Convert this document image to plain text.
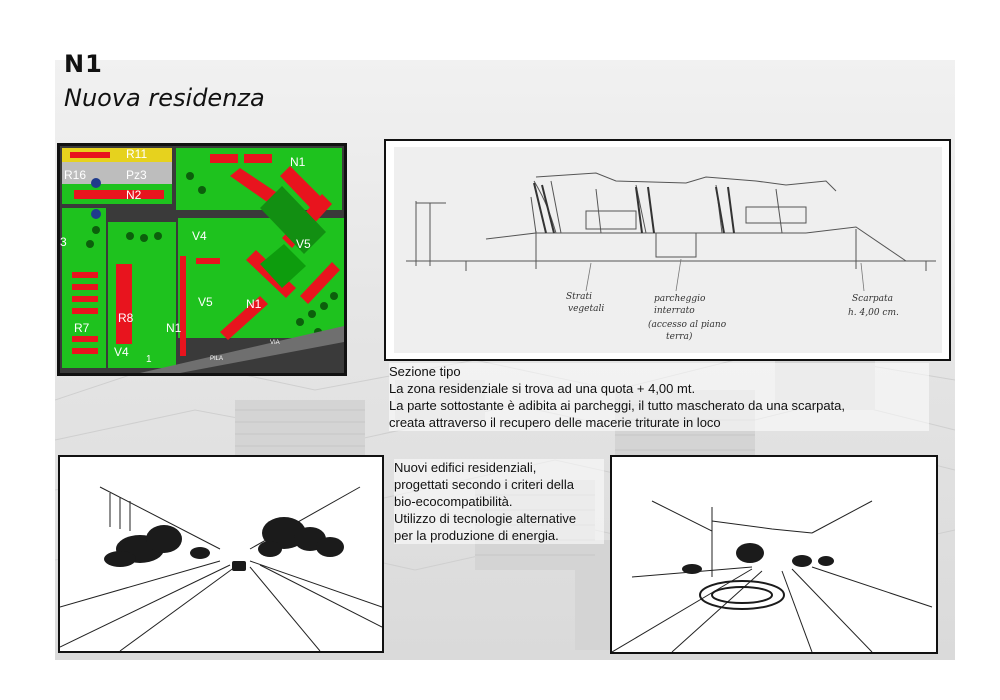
N1
Nuova residenza
R11
R16	Pz3
N2
N1
V4
V5
V5	N1
N1
R7
R8
V4
3
1	PILA
VIA
Strati
vegetali
parcheggio
interrato
(accesso al piano
terra)
Scarpata
h. 4,00 cm.

Sezione tipo

La zona residenziale si trova ad una quota + 4,00 mt.

La parte sottostante è adibita ai parcheggi, il tutto mascherato da una scarpata,

creata attraverso il recupero delle macerie triturate in loco

Nuovi edifici residenziali,

progettati secondo i criteri della

bio-ecocompatibilità.

Utilizzo di tecnologie alternative

per la produzione di energia.
